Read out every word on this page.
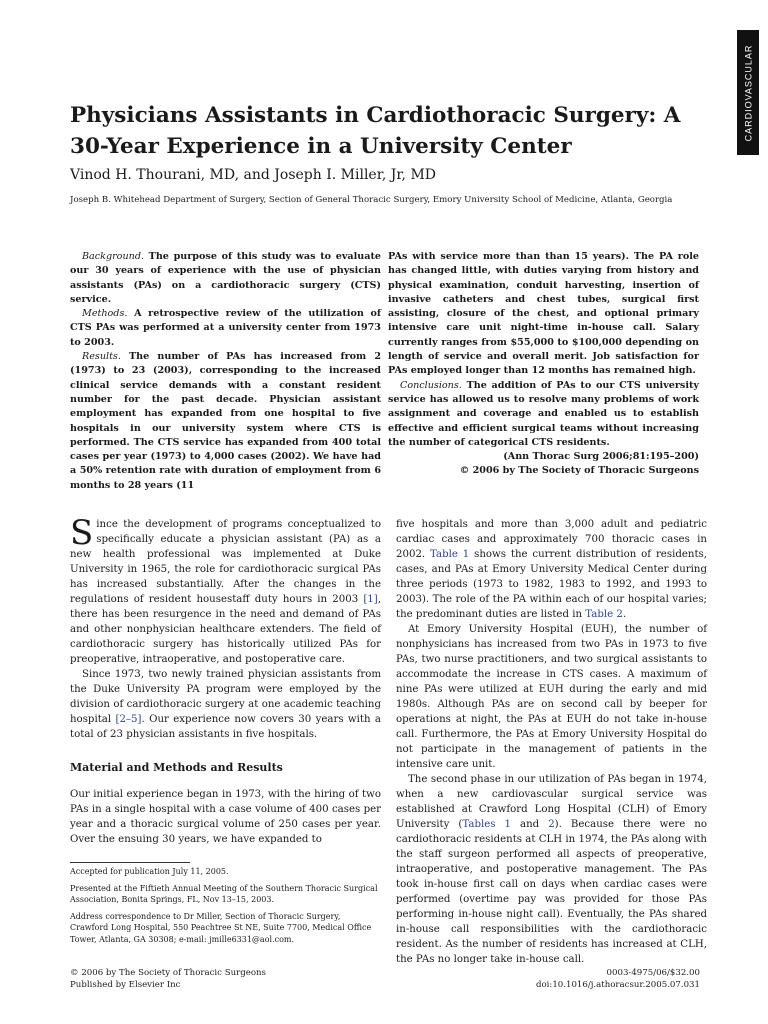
CARDIOVASCULAR
Physicians Assistants in Cardiothoracic Surgery: A 30-Year Experience in a University Center

Vinod H. Thourani, MD, and Joseph I. Miller, Jr, MD

Joseph B. Whitehead Department of Surgery, Section of General Thoracic Surgery, Emory University School of Medicine, Atlanta, Georgia

Background. The purpose of this study was to evaluate our 30 years of experience with the use of physician assistants (PAs) on a cardiothoracic surgery (CTS) service.

Methods. A retrospective review of the utilization of CTS PAs was performed at a university center from 1973 to 2003.

Results. The number of PAs has increased from 2 (1973) to 23 (2003), corresponding to the increased clinical service demands with a constant resident number for the past decade. Physician assistant employment has expanded from one hospital to five hospitals in our university system where CTS is performed. The CTS service has expanded from 400 total cases per year (1973) to 4,000 cases (2002). We have had a 50% retention rate with duration of employment from 6 months to 28 years (11

PAs with service more than than 15 years). The PA role has changed little, with duties varying from history and physical examination, conduit harvesting, insertion of invasive catheters and chest tubes, surgical first assisting, closure of the chest, and optional primary intensive care unit night-time in-house call. Salary currently ranges from $55,000 to $100,000 depending on length of service and overall merit. Job satisfaction for PAs employed longer than 12 months has remained high.

Conclusions. The addition of PAs to our CTS university service has allowed us to resolve many problems of work assignment and coverage and enabled us to establish effective and efficient surgical teams without increasing the number of categorical CTS residents.

(Ann Thorac Surg 2006;81:195–200)

© 2006 by The Society of Thoracic Surgeons

Since the development of programs conceptualized to specifically educate a physician assistant (PA) as a new health professional was implemented at Duke University in 1965, the role for cardiothoracic surgical PAs has increased substantially. After the changes in the regulations of resident housestaff duty hours in 2003 [1], there has been resurgence in the need and demand of PAs and other nonphysician healthcare extenders. The field of cardiothoracic surgery has historically utilized PAs for preoperative, intraoperative, and postoperative care.

Since 1973, two newly trained physician assistants from the Duke University PA program were employed by the division of cardiothoracic surgery at one academic teaching hospital [2–5]. Our experience now covers 30 years with a total of 23 physician assistants in five hospitals.

Material and Methods and Results

Our initial experience began in 1973, with the hiring of two PAs in a single hospital with a case volume of 400 cases per year and a thoracic surgical volume of 250 cases per year. Over the ensuing 30 years, we have expanded to

Accepted for publication July 11, 2005.

Presented at the Fiftieth Annual Meeting of the Southern Thoracic Surgical Association, Bonita Springs, FL, Nov 13–15, 2003.

Address correspondence to Dr Miller, Section of Thoracic Surgery, Crawford Long Hospital, 550 Peachtree St NE, Suite 7700, Medical Office Tower, Atlanta, GA 30308; e-mail: jmille6331@aol.com.

five hospitals and more than 3,000 adult and pediatric cardiac cases and approximately 700 thoracic cases in 2002. Table 1 shows the current distribution of residents, cases, and PAs at Emory University Medical Center during three periods (1973 to 1982, 1983 to 1992, and 1993 to 2003). The role of the PA within each of our hospital varies; the predominant duties are listed in Table 2.

At Emory University Hospital (EUH), the number of nonphysicians has increased from two PAs in 1973 to five PAs, two nurse practitioners, and two surgical assistants to accommodate the increase in CTS cases. A maximum of nine PAs were utilized at EUH during the early and mid 1980s. Although PAs are on second call by beeper for operations at night, the PAs at EUH do not take in-house call. Furthermore, the PAs at Emory University Hospital do not participate in the management of patients in the intensive care unit.

The second phase in our utilization of PAs began in 1974, when a new cardiovascular surgical service was established at Crawford Long Hospital (CLH) of Emory University (Tables 1 and 2). Because there were no cardiothoracic residents at CLH in 1974, the PAs along with the staff surgeon performed all aspects of preoperative, intraoperative, and postoperative management. The PAs took in-house first call on days when cardiac cases were performed (overtime pay was provided for those PAs performing in-house night call). Eventually, the PAs shared in-house call responsibilities with the cardiothoracic resident. As the number of residents has increased at CLH, the PAs no longer take in-house call.

© 2006 by The Society of Thoracic Surgeons
Published by Elsevier Inc
0003-4975/06/$32.00
doi:10.1016/j.athoracsur.2005.07.031
